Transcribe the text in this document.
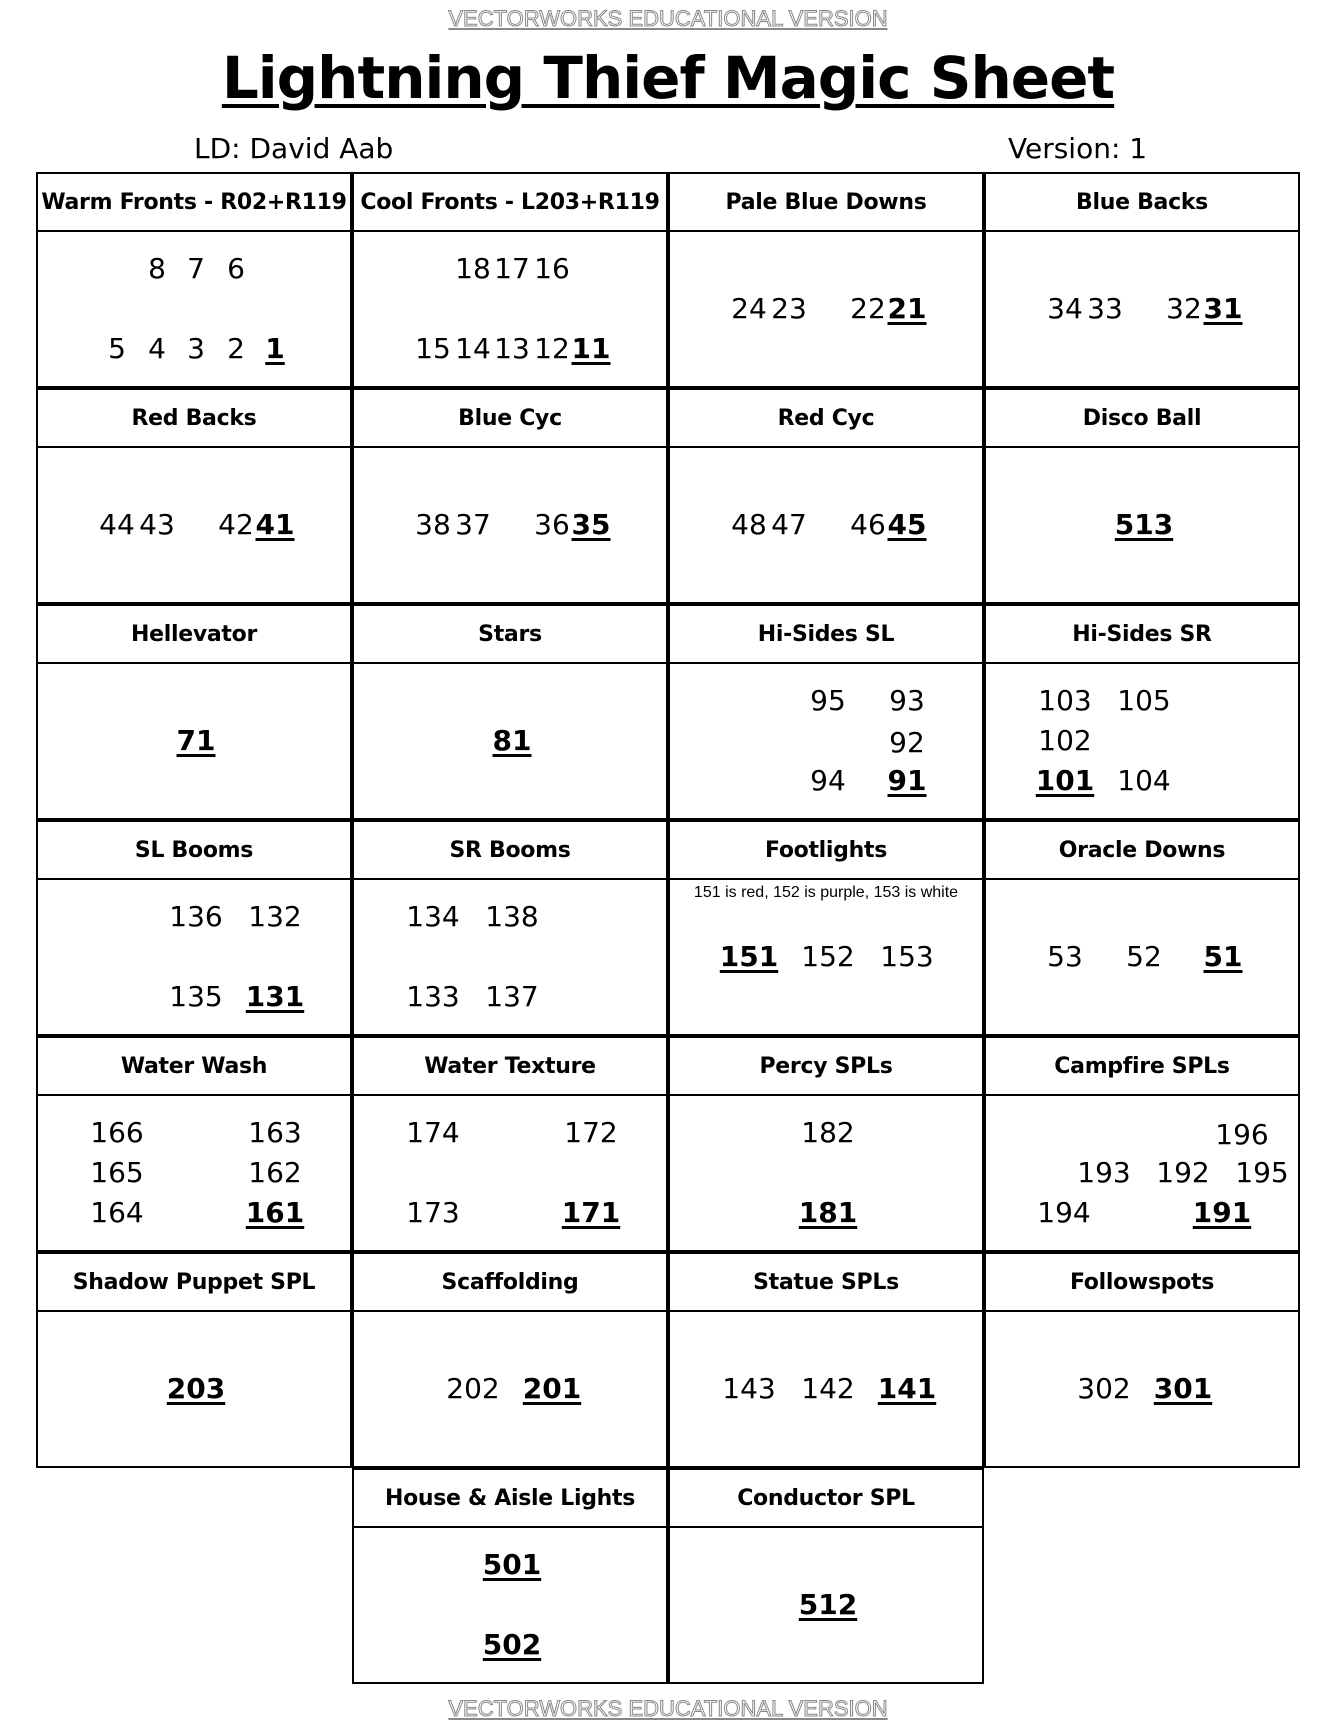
VECTORWORKS EDUCATIONAL VERSION
Lightning Thief Magic Sheet
LD: David Aab	Version: 1
Warm Fronts - R02+R119
8 7 6
5 4 3 2 1
Cool Fronts - L203+R119
18 17 16
15 14 13 12 11
Pale Blue Downs
24 23 22 21
Blue Backs
34 33 32 31
Red Backs
44 43 42 41
Blue Cyc
38 37 36 35
Red Cyc
48 47 46 45
Disco Ball
513
Hellevator
71
Stars
81
Hi-Sides SL
95 93
92
94 91
Hi-Sides SR
103 105
102
101 104
SL Booms
136 132
135 131
SR Booms
134 138
133 137
Footlights
151 is red, 152 is purple, 153 is white
151 152 153
Oracle Downs
53 52 51
Water Wash
166	163
165	162
164	161
Water Texture
174	172
173	171
Percy SPLs
182
181
Campfire SPLs
196
193 192 195
194	191
Shadow Puppet SPL
203
Scaffolding
202 201
Statue SPLs
143 142 141
Followspots
302 301
House & Aisle Lights
501
502
Conductor SPL
512
VECTORWORKS EDUCATIONAL VERSION
